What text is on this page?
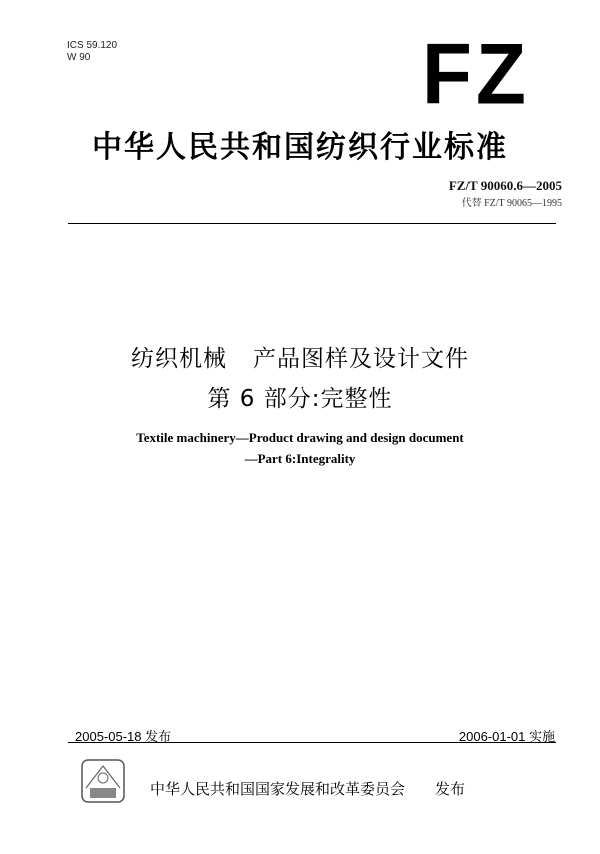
ICS 59.120
W 90	FZ
中华人民共和国纺织行业标准
FZ/T 90060.6—2005
代替 FZ/T 90065—1995
纺织机械 产品图样及设计文件
第 6 部分:完整性
Textile machinery—Product drawing and design document
—Part 6:Integrality
2005-05-18 发布	2006-01-01 实施
中华人民共和国国家发展和改革委员会 发布
